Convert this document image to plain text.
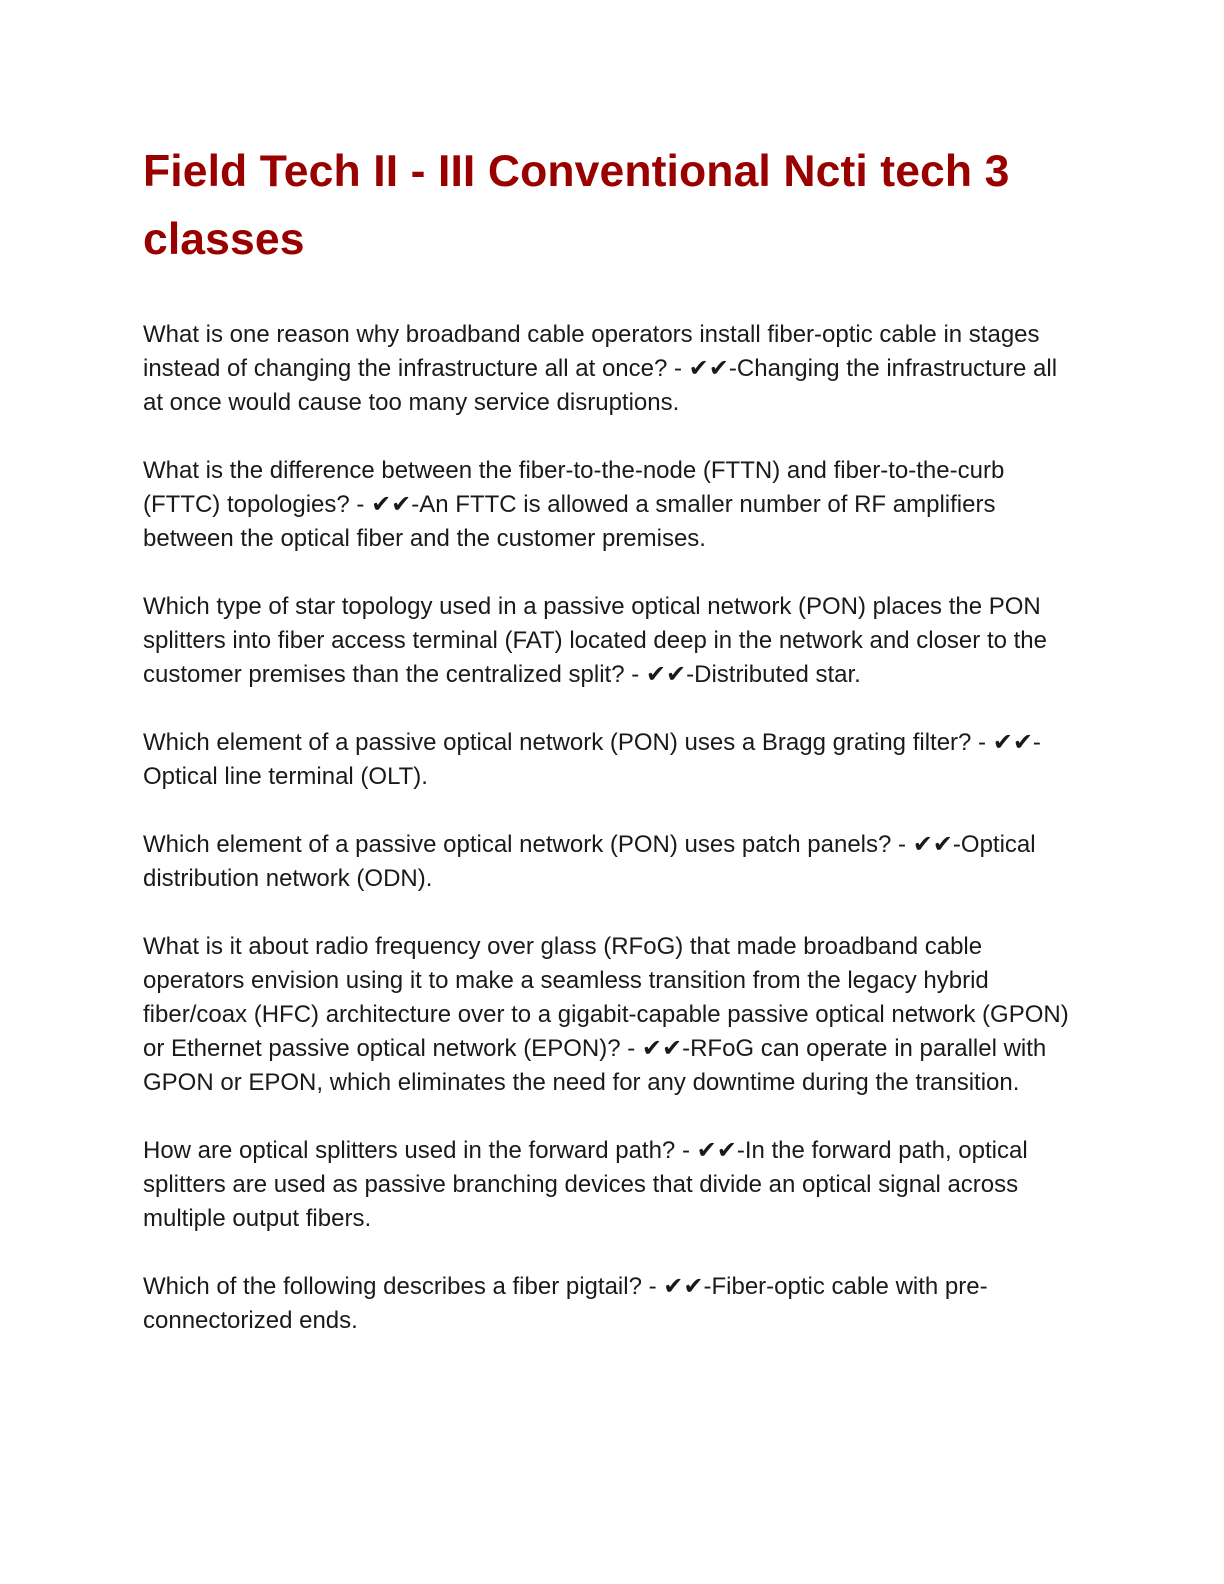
Field Tech II - III Conventional Ncti tech 3 classes

What is one reason why broadband cable operators install fiber-optic cable in stages instead of changing the infrastructure all at once? - ✔✔-Changing the infrastructure all at once would cause too many service disruptions.

What is the difference between the fiber-to-the-node (FTTN) and fiber-to-the-curb (FTTC) topologies? - ✔✔-An FTTC is allowed a smaller number of RF amplifiers between the optical fiber and the customer premises.

Which type of star topology used in a passive optical network (PON) places the PON splitters into fiber access terminal (FAT) located deep in the network and closer to the customer premises than the centralized split? - ✔✔-Distributed star.

Which element of a passive optical network (PON) uses a Bragg grating filter? - ✔✔-Optical line terminal (OLT).

Which element of a passive optical network (PON) uses patch panels? - ✔✔-Optical distribution network (ODN).

What is it about radio frequency over glass (RFoG) that made broadband cable operators envision using it to make a seamless transition from the legacy hybrid fiber/coax (HFC) architecture over to a gigabit-capable passive optical network (GPON) or Ethernet passive optical network (EPON)? - ✔✔-RFoG can operate in parallel with GPON or EPON, which eliminates the need for any downtime during the transition.

How are optical splitters used in the forward path? - ✔✔-In the forward path, optical splitters are used as passive branching devices that divide an optical signal across multiple output fibers.

Which of the following describes a fiber pigtail? - ✔✔-Fiber-optic cable with pre-connectorized ends.
